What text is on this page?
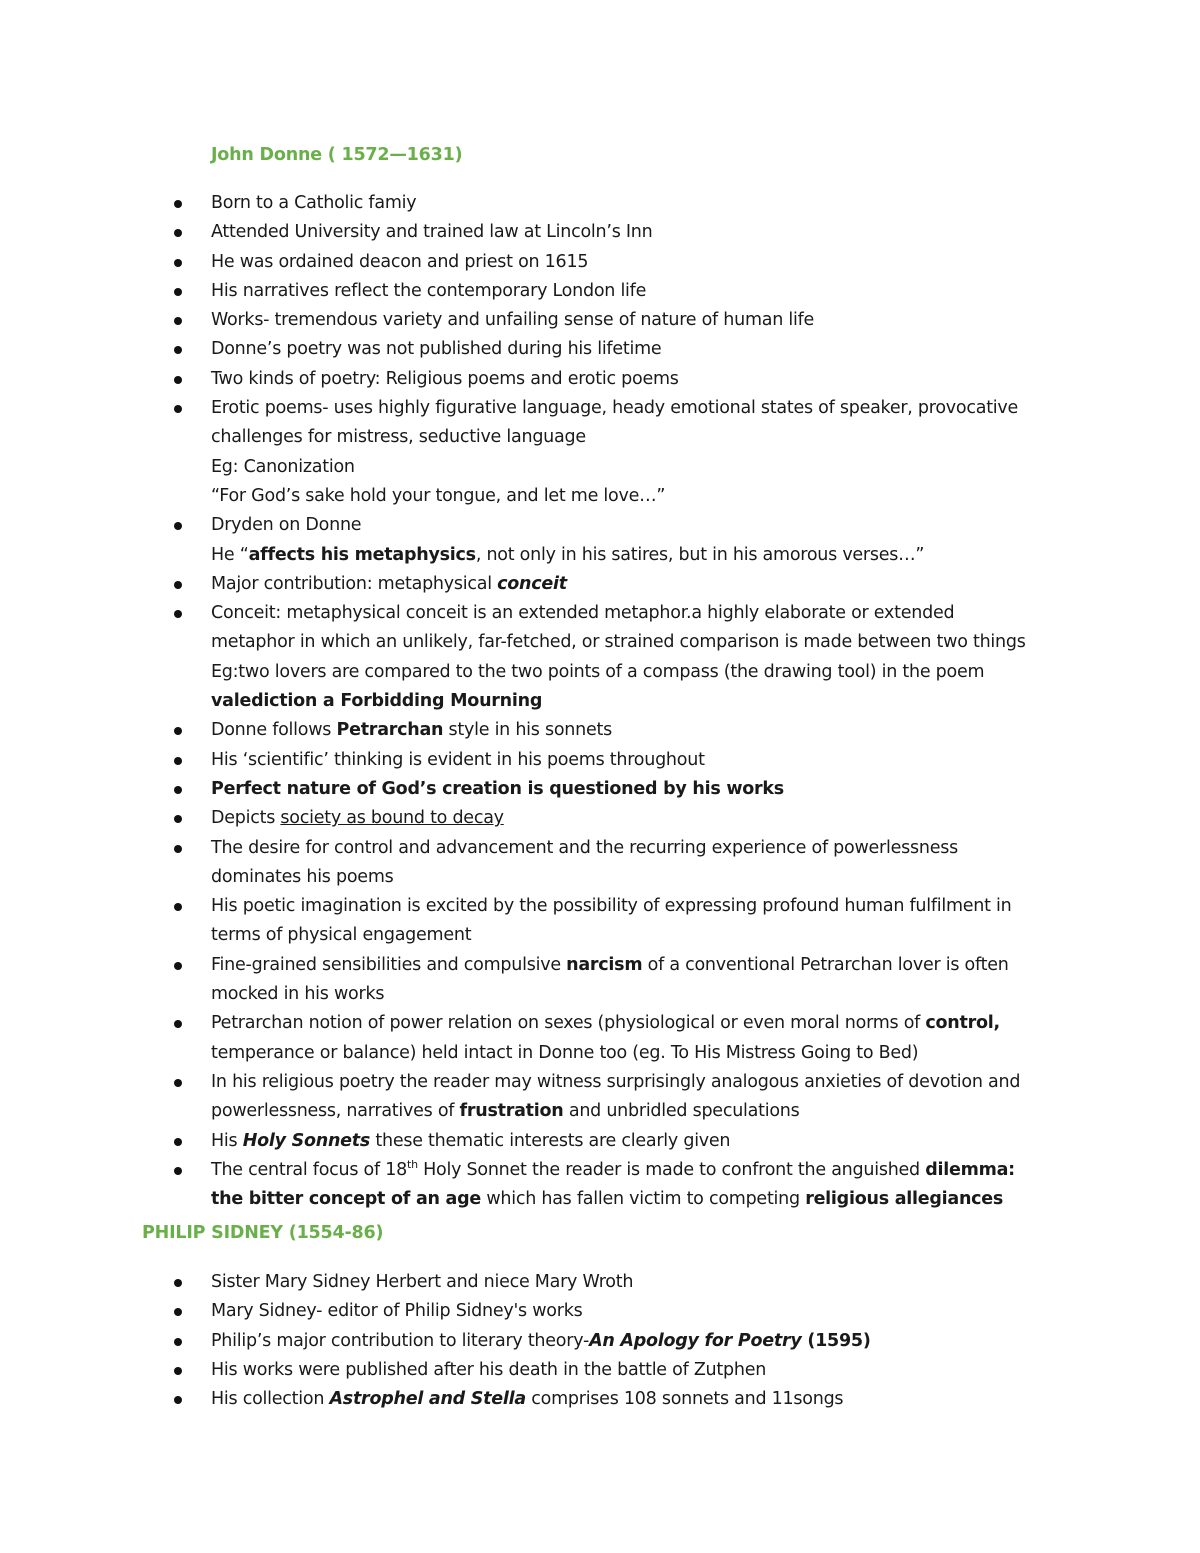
John Donne ( 1572—1631)
Born to a Catholic famiy
Attended University and trained law at Lincoln’s Inn
He was ordained deacon and priest on 1615
His narratives reflect the contemporary London life
Works- tremendous variety and unfailing sense of nature of human life
Donne’s poetry was not published during his lifetime
Two kinds of poetry: Religious poems and erotic poems
Erotic poems- uses highly figurative language, heady emotional states of speaker, provocative
challenges for mistress, seductive language
Eg: Canonization
“For God’s sake hold your tongue, and let me love…”
Dryden on Donne
He “affects his metaphysics, not only in his satires, but in his amorous verses…”
Major contribution: metaphysical conceit
Conceit: metaphysical conceit is an extended metaphor.a highly elaborate or extended
metaphor in which an unlikely, far-fetched, or strained comparison is made between two things
Eg:two lovers are compared to the two points of a compass (the drawing tool) in the poem
valediction a Forbidding Mourning
Donne follows Petrarchan style in his sonnets
His ‘scientific’ thinking is evident in his poems throughout
Perfect nature of God’s creation is questioned by his works
Depicts society as bound to decay
The desire for control and advancement and the recurring experience of powerlessness
dominates his poems
His poetic imagination is excited by the possibility of expressing profound human fulfilment in
terms of physical engagement
Fine-grained sensibilities and compulsive narcism of a conventional Petrarchan lover is often
mocked in his works
Petrarchan notion of power relation on sexes (physiological or even moral norms of control,
temperance or balance) held intact in Donne too (eg. To His Mistress Going to Bed)
In his religious poetry the reader may witness surprisingly analogous anxieties of devotion and
powerlessness, narratives of frustration and unbridled speculations
His Holy Sonnets these thematic interests are clearly given
The central focus of 18th Holy Sonnet the reader is made to confront the anguished dilemma:
the bitter concept of an age which has fallen victim to competing religious allegiances
PHILIP SIDNEY (1554-86)
Sister Mary Sidney Herbert and niece Mary Wroth
Mary Sidney- editor of Philip Sidney's works
Philip’s major contribution to literary theory-An Apology for Poetry (1595)
His works were published after his death in the battle of Zutphen
His collection Astrophel and Stella comprises 108 sonnets and 11songs
